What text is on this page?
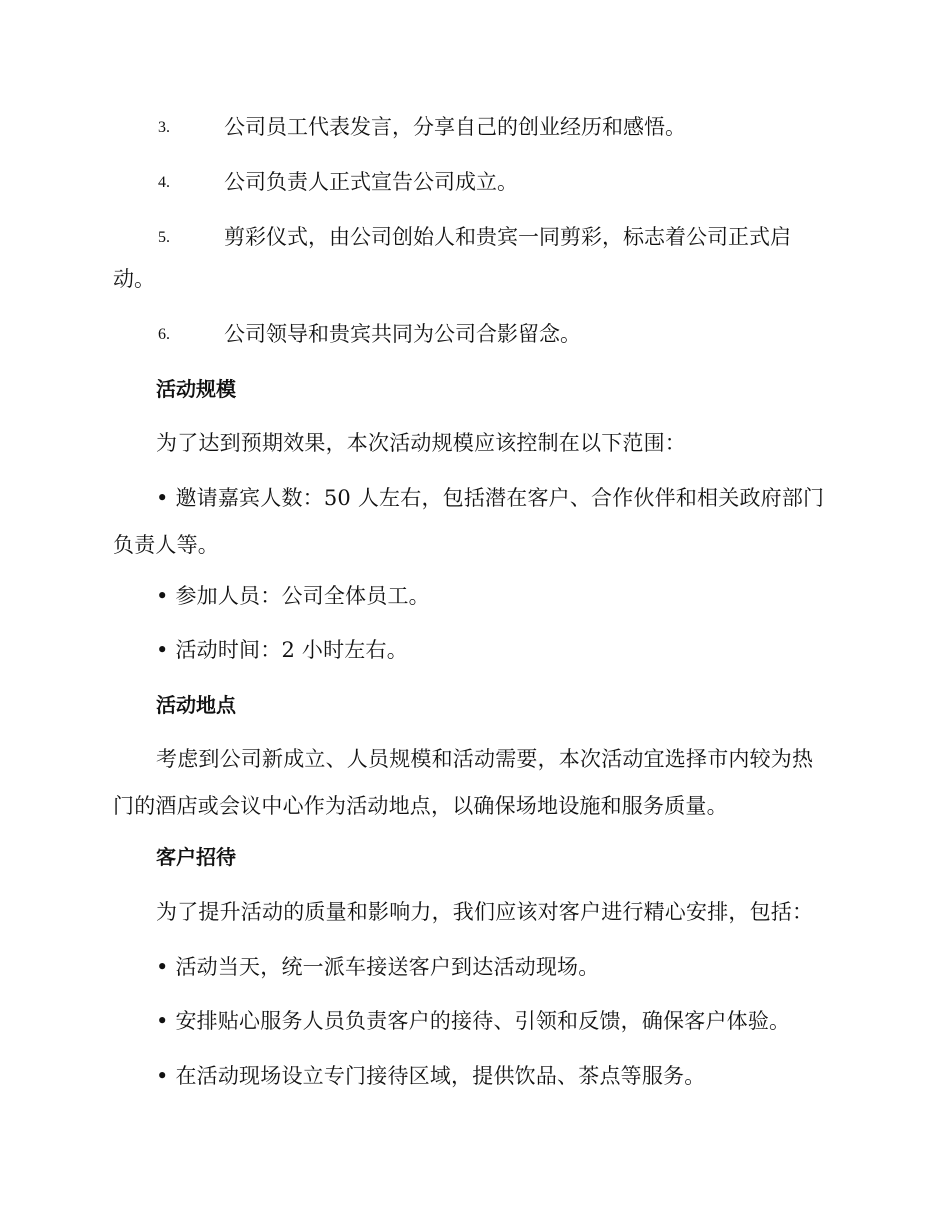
3.	公司员工代表发言，分享自己的创业经历和感悟。
4.	公司负责人正式宣告公司成立。
5.	剪彩仪式，由公司创始人和贵宾一同剪彩，标志着公司正式启
动。
6.	公司领导和贵宾共同为公司合影留念。
活动规模
为了达到预期效果，本次活动规模应该控制在以下范围：
• 邀请嘉宾人数：50 人左右，包括潜在客户、合作伙伴和相关政府部门负责人等。
• 参加人员：公司全体员工。
• 活动时间：2 小时左右。
活动地点
考虑到公司新成立、人员规模和活动需要，本次活动宜选择市内较为热门的酒店或会议中心作为活动地点，以确保场地设施和服务质量。
客户招待
为了提升活动的质量和影响力，我们应该对客户进行精心安排，包括：
• 活动当天，统一派车接送客户到达活动现场。
• 安排贴心服务人员负责客户的接待、引领和反馈，确保客户体验。
• 在活动现场设立专门接待区域，提供饮品、茶点等服务。
